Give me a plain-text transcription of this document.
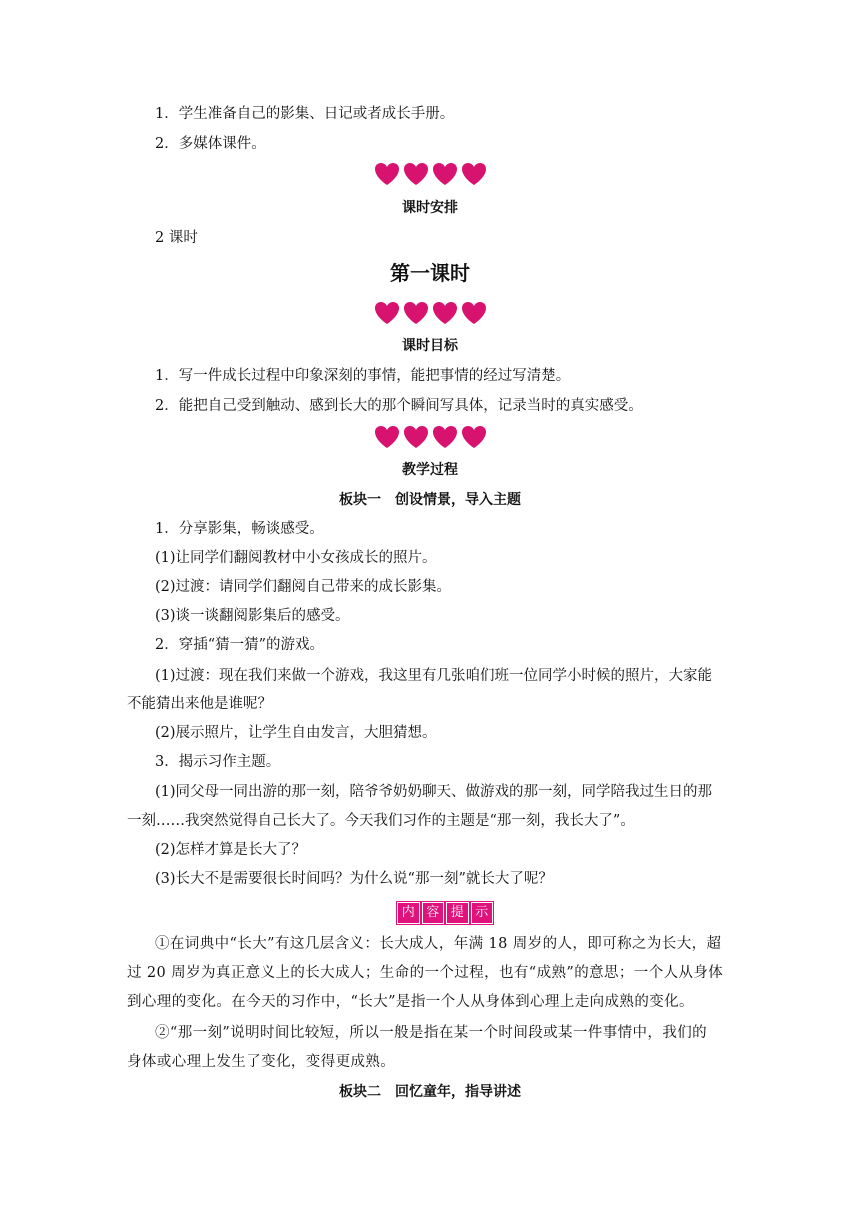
1．学生准备自己的影集、日记或者成长手册。
2．多媒体课件。
课时安排
2 课时
第一课时
课时目标
1．写一件成长过程中印象深刻的事情，能把事情的经过写清楚。
2．能把自己受到触动、感到长大的那个瞬间写具体，记录当时的真实感受。
教学过程
板块一　创设情景，导入主题
1．分享影集，畅谈感受。
(1)让同学们翻阅教材中小女孩成长的照片。
(2)过渡：请同学们翻阅自己带来的成长影集。
(3)谈一谈翻阅影集后的感受。
2．穿插“猜一猜”的游戏。
(1)过渡：现在我们来做一个游戏，我这里有几张咱们班一位同学小时候的照片，大家能
不能猜出来他是谁呢？
(2)展示照片，让学生自由发言，大胆猜想。
3．揭示习作主题。
(1)同父母一同出游的那一刻，陪爷爷奶奶聊天、做游戏的那一刻，同学陪我过生日的那
一刻……我突然觉得自己长大了。今天我们习作的主题是“那一刻，我长大了”。
(2)怎样才算是长大了？
(3)长大不是需要很长时间吗？为什么说“那一刻”就长大了呢？
内 容 提 示
①在词典中“长大”有这几层含义：长大成人，年满 18 周岁的人，即可称之为长大，超
过 20 周岁为真正意义上的长大成人；生命的一个过程，也有“成熟”的意思；一个人从身体
到心理的变化。在今天的习作中，“长大”是指一个人从身体到心理上走向成熟的变化。
②“那一刻”说明时间比较短，所以一般是指在某一个时间段或某一件事情中，我们的
身体或心理上发生了变化，变得更成熟。
板块二　回忆童年，指导讲述
